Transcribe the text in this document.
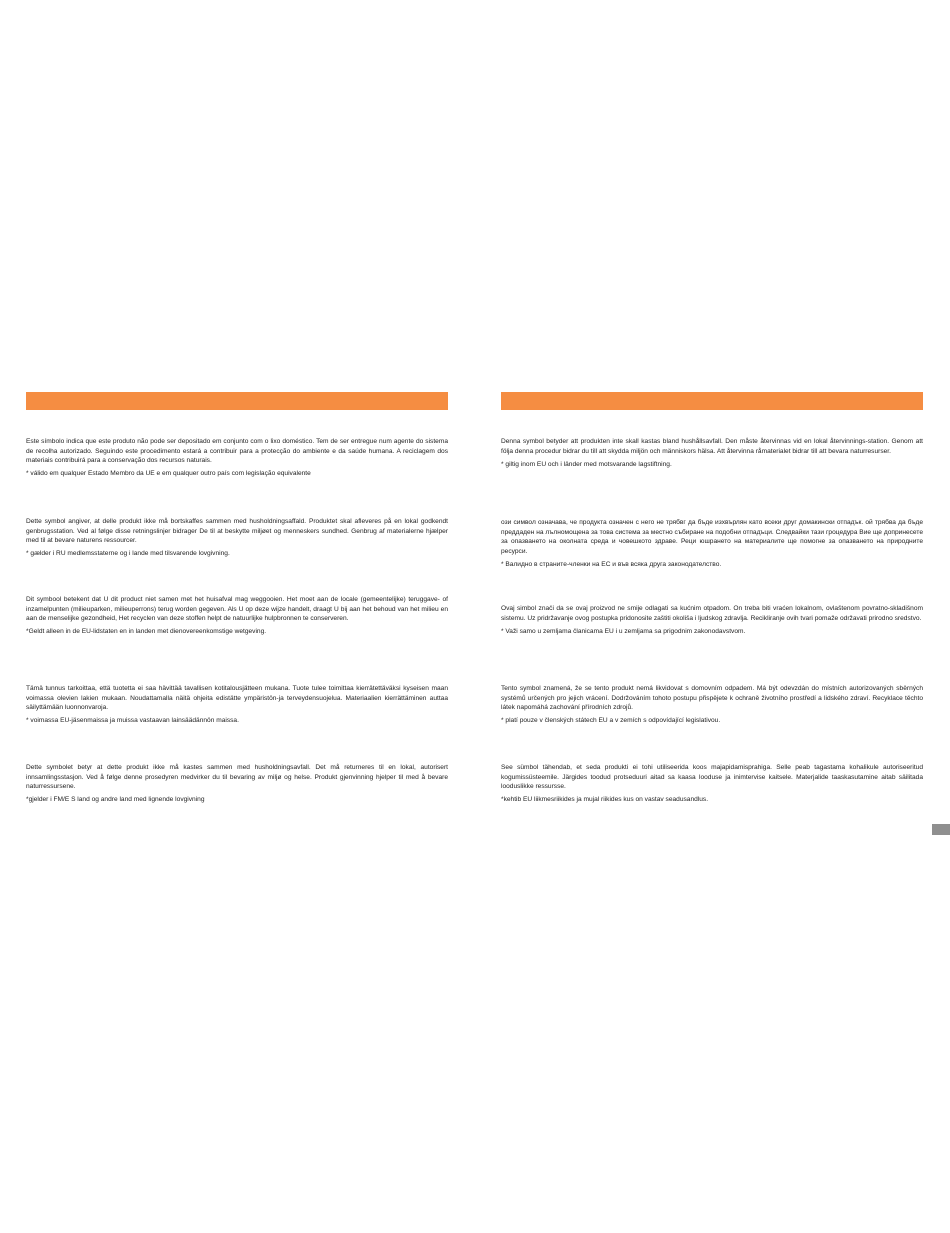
Este símbolo indica que este produto não pode ser depositado em conjunto com o lixo doméstico. Tem de ser entregue num agente do sistema de recolha autorizado. Seguindo este procedimento estará a contribuir para a protecção do ambiente e da saúde humana. A reciclagem dos materiais contribuirá para a conservação dos recursos naturais.

* válido em qualquer Estado Membro da UE e em qualquer outro país com legislação equivalente

Dette symbol angiver, at delle produkt ikke må bortskaffes sammen med husholdningsaffald. Produktet skal afleveres på en lokal godkendt genbrugsstation. Ved al følge disse retningslinjer bidrager De til at beskytte miljøet og menneskers sundhed. Genbrug af materialerne hjælper med til at bevare naturens ressourcer.

* gælder i RU medlemsstaterne og i lande med tilsvarende lovgivning.

Dit symbool betekent dat U dit product niet samen met het huisafval mag weggooien. Het moet aan de locale (gemeentelijke) teruggave- of inzamelpunten (milieuparken, milieuperrons) terug worden gegeven. Als U op deze wijze handelt, draagt U bij aan het behoud van het milieu en aan de menselijke gezondheid, Het recyclen van deze stoffen helpt de natuurlijke hulpbronnen te conserveren.

*Geldt alleen in de EU-lidstaten en in landen met dienovereenkomstige wetgeving.

Tämä tunnus tarkoittaa, että tuotetta ei saa hävittää tavallisen kotitalousjätteen mukana. Tuote tulee toimittaa kierrätettäväksi kyseisen maan voimassa olevien lakien mukaan. Noudattamalla näitä ohjeita edistätte ympäristön-ja terveydensuojelua. Materiaalien kierrättäminen auttaa säilyttämään luonnonvaroja.

* voimassa EU-jäsenmaissa ja muissa vastaavan lainsäädännön maissa.

Dette symbolet betyr at dette produkt ikke må kastes sammen med husholdningsavfall. Det må returneres til en lokal, autorisert innsamlingsstasjon. Ved å følge denne prosedyren medvirker du til bevaring av miljø og helse. Produkt gjenvinning hjelper til med å bevare naturressursene.

*gjelder i FM/E S land og andre land med lignende lovgivning

Denna symbol betyder att produkten inte skall kastas bland hushållsavfall. Den måste återvinnas vid en lokal återvinnings-station. Genom att följa denna procedur bidrar du till att skydda miljön och människors hälsa. Att återvinna råmaterialet bidrar till att bevara naturresurser.

* giltig inom EU och i länder med motsvarande lagstiftning.

ози символ означава, че продукта означен с него не трябвг да бъде изхвърлян като всеки друг домакински отпадък. ой трябва да бъде преддаден на лълномощена за това система за местно събиране на подобни отпадъци. Следвайки тази гроцедура Вие ще допринесете за опазването на околната среда и човешкото здраве. Реци юшрането на материалите ще помогне за опазването на природните ресурси.

* Валидно в странитe-членки на ЕС и във всяка друга законодателство.

Ovaj simbol znači da se ovaj proizvod ne smije odlagati sa kućnim otpadom. On treba biti vraćen lokalnom, ovlaštenom povratno-skladišnom sistemu. Uz pridržavanje ovog postupka pridonosite zaštiti okoliša i ljudskog zdravlja. Recikliranje ovih tvari pomaže održavati prirodno sredstvo.

* Važi samo u zemljama članicama EU i u zemljama sa prigodnim zakonodavstvom.

Tento symbol znamená, že se tento produkt nemá likvidovat s domovním odpadem. Má být odevzdán do místních autorizovaných sběrných systémů určených pro jejich vrácení. Dodržováním tohoto postupu přispějete k ochraně životního prostředí a lidského zdraví. Recyklace těchto látek napomáhá zachování přírodních zdrojů.

* platí pouze v členských státech EU a v zemích s odpovídající legislativou.

See sümbol tähendab, et seda produkti ei tohi utiliseerida koos majapidamisprahiga. Selle peab tagastama kohalikule autoriseeritud kogumissüsteemile. Järgides toodud protseduuri aitad sa kaasa looduse ja inimtervise kaitsele. Materjalide taaskasutamine aitab säilitada looduslikke ressursse.

*kehtib EU liikmesriikides ja mujal riikides kus on vastav seadusandlus.
